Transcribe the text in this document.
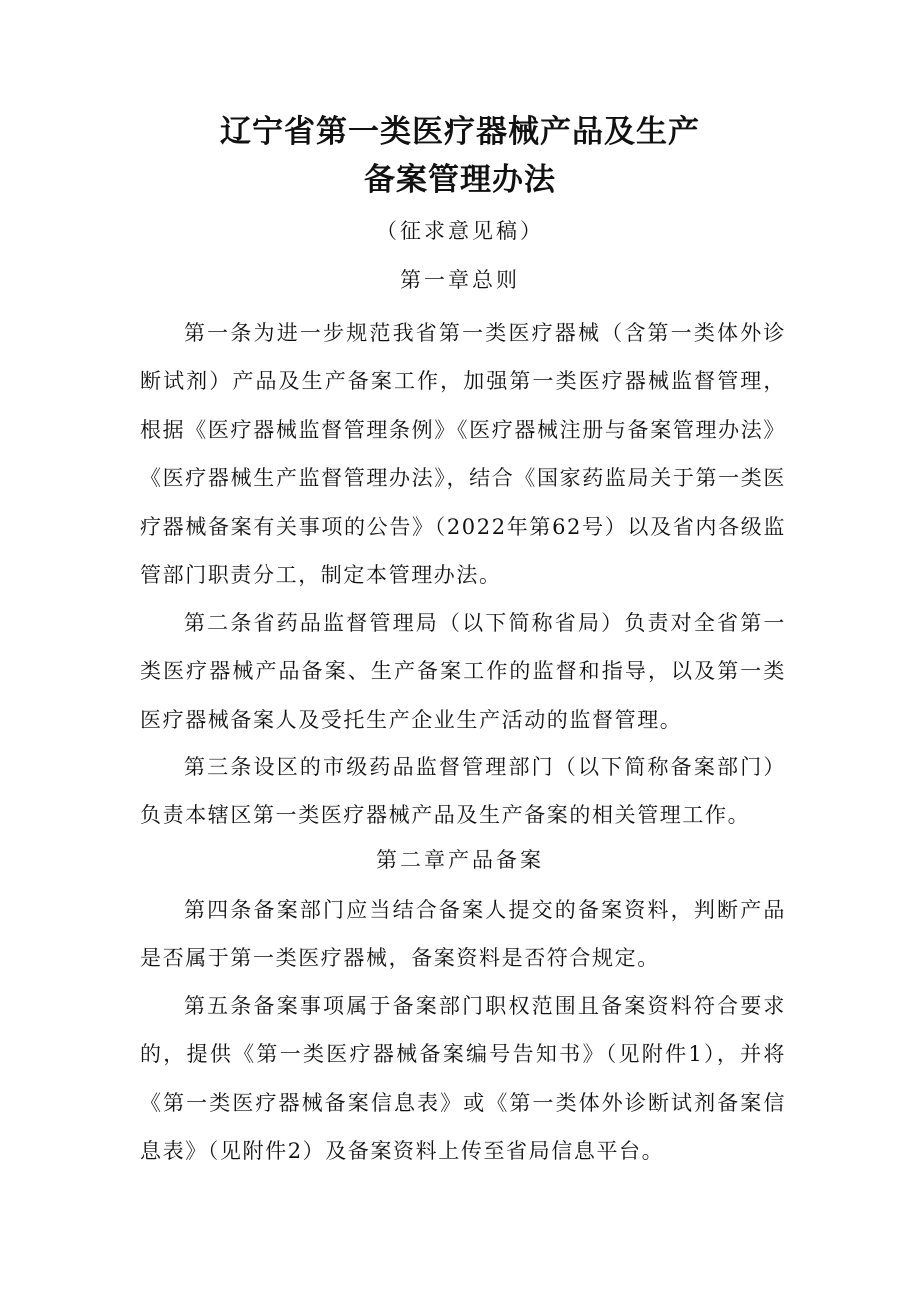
辽宁省第一类医疗器械产品及生产
备案管理办法
（征求意见稿）
第一章总则

第一条为进一步规范我省第一类医疗器械（含第一类体外诊断试剂）产品及生产备案工作，加强第一类医疗器械监督管理，根据《医疗器械监督管理条例》《医疗器械注册与备案管理办法》《医疗器械生产监督管理办法》，结合《国家药监局关于第一类医疗器械备案有关事项的公告》（2022年第62号）以及省内各级监管部门职责分工，制定本管理办法。

第二条省药品监督管理局（以下简称省局）负责对全省第一类医疗器械产品备案、生产备案工作的监督和指导，以及第一类医疗器械备案人及受托生产企业生产活动的监督管理。

第三条设区的市级药品监督管理部门（以下简称备案部门）负责本辖区第一类医疗器械产品及生产备案的相关管理工作。

第二章产品备案

第四条备案部门应当结合备案人提交的备案资料，判断产品是否属于第一类医疗器械，备案资料是否符合规定。

第五条备案事项属于备案部门职权范围且备案资料符合要求的，提供《第一类医疗器械备案编号告知书》（见附件1），并将《第一类医疗器械备案信息表》或《第一类体外诊断试剂备案信息表》（见附件2）及备案资料上传至省局信息平台。
